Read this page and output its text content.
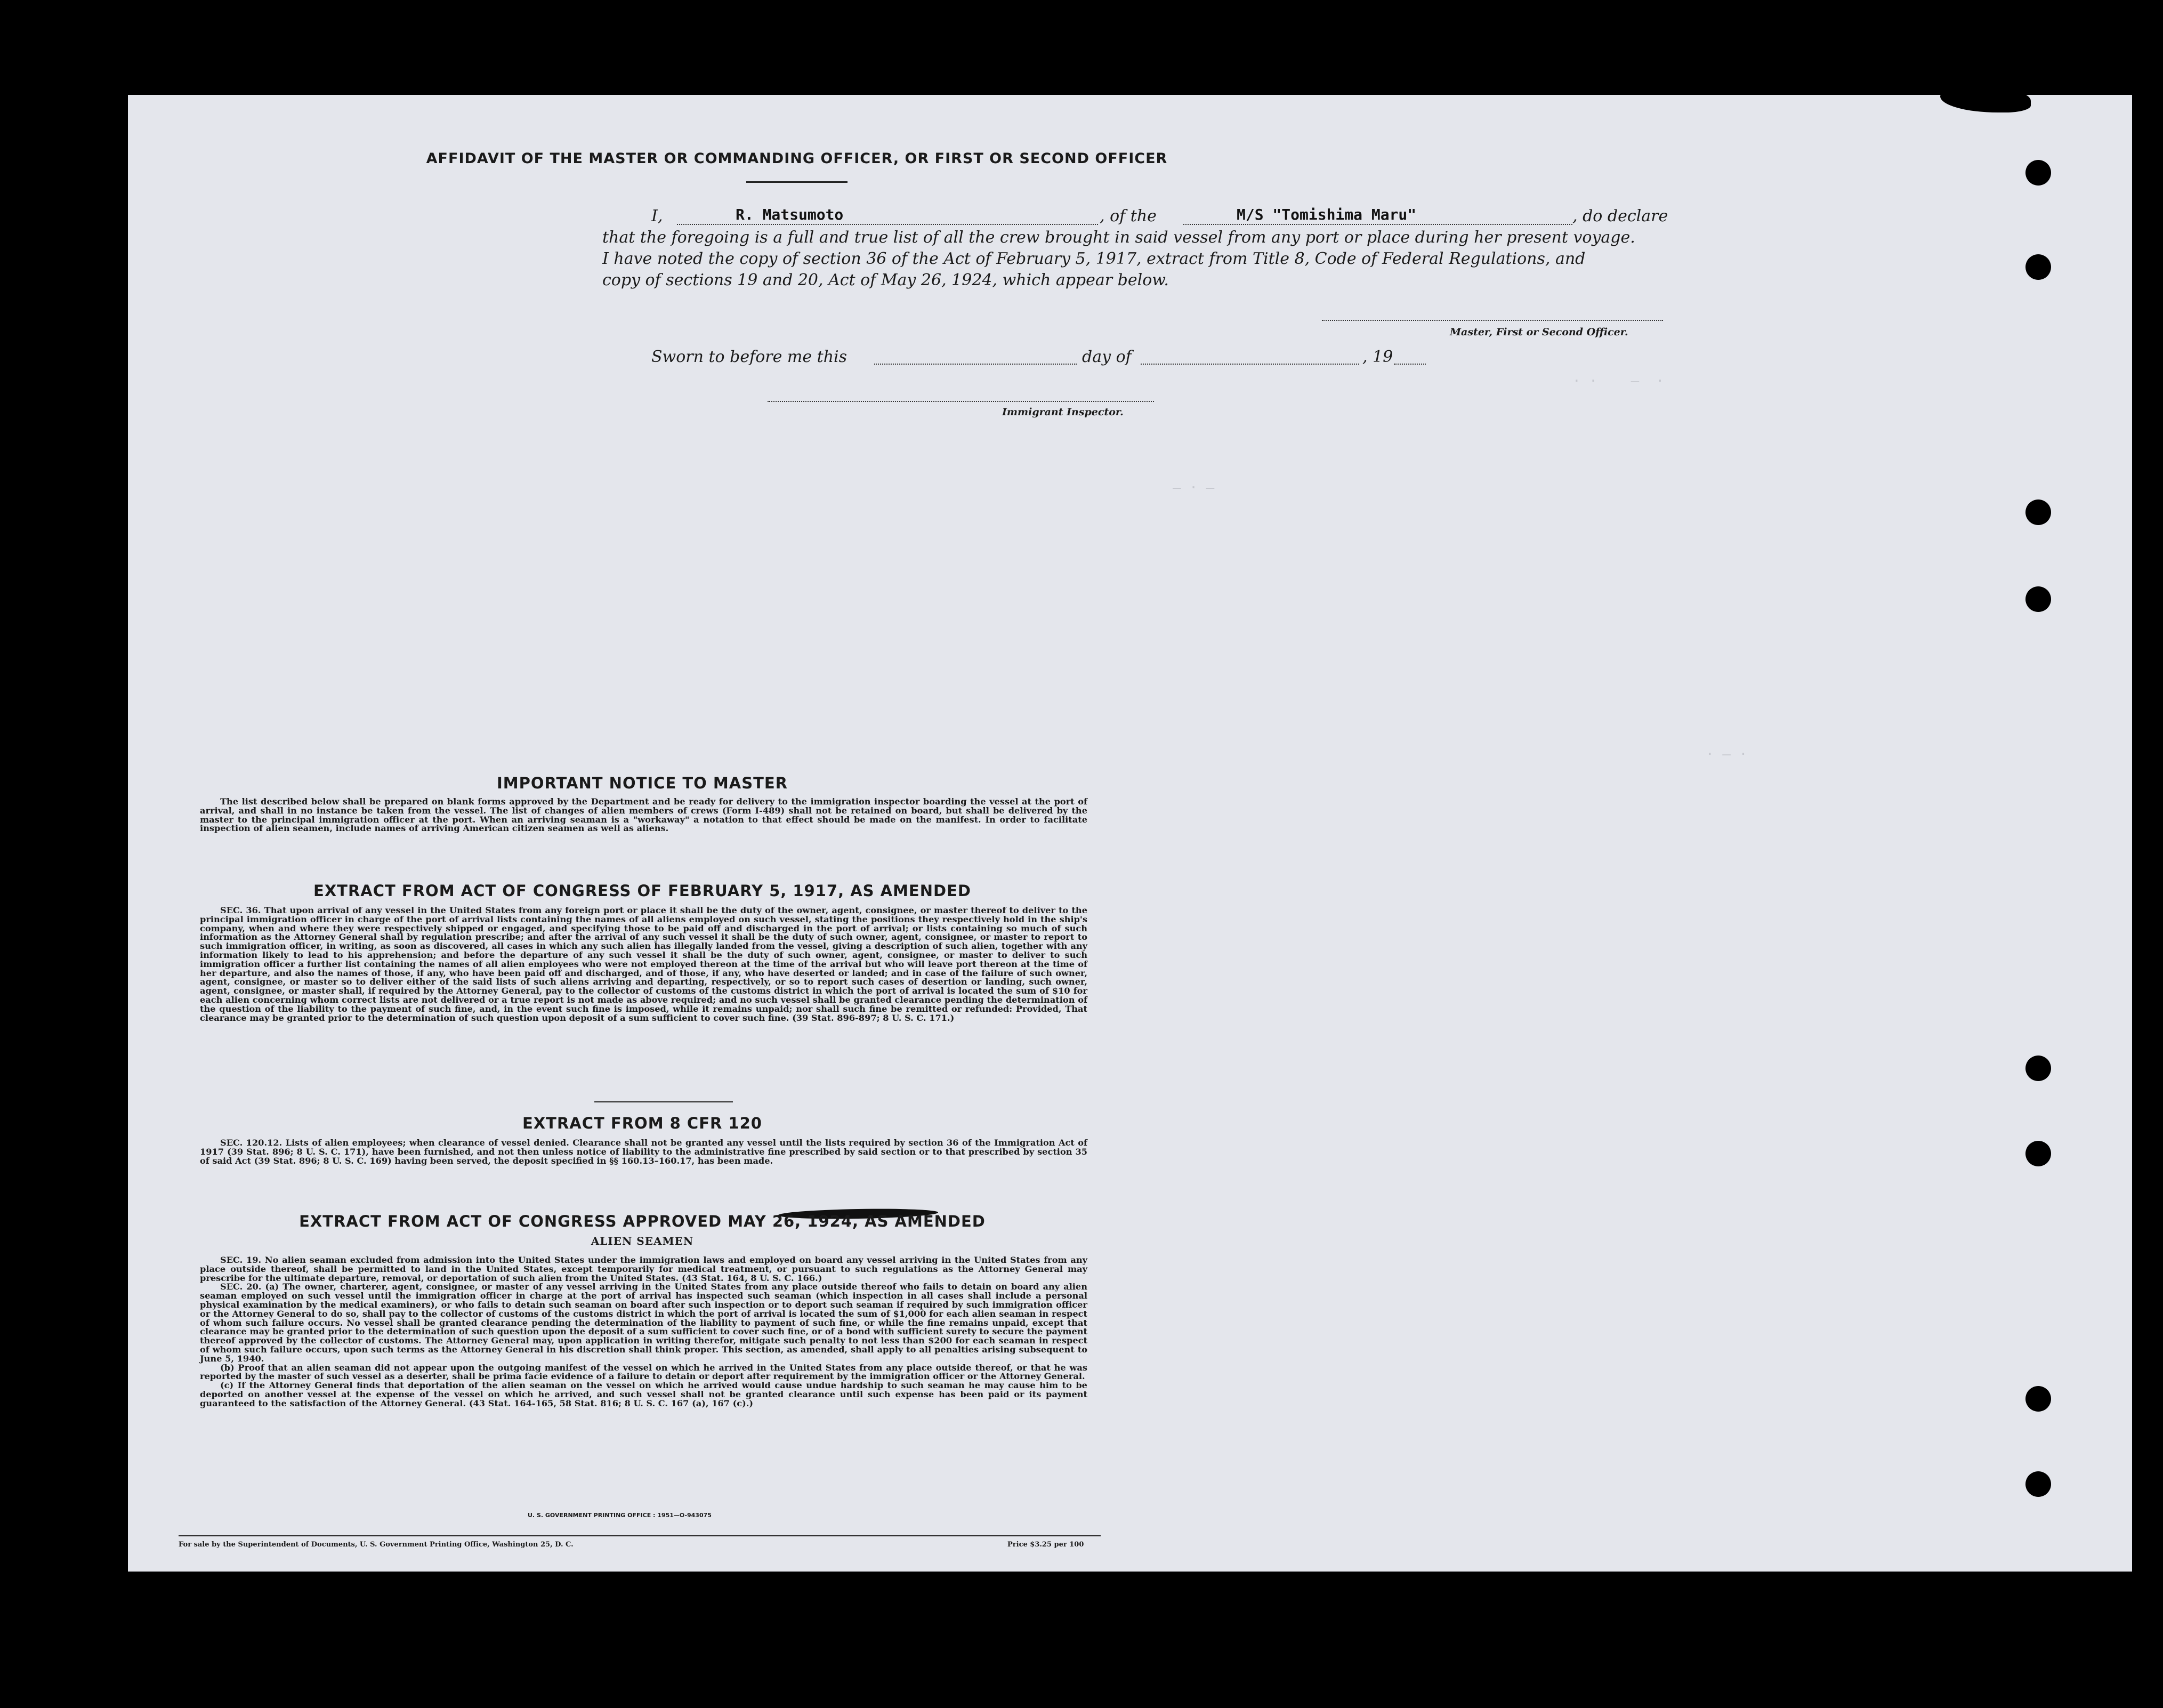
· ·    —  ·
— · —
· — ·
AFFIDAVIT OF THE MASTER OR COMMANDING OFFICER, OR FIRST OR SECOND OFFICER
I,	R. Matsumoto	, of the	M/S "Tomishima Maru"	, do declare
that the foregoing is a full and true list of all the crew brought in said vessel from any port or place during her present voyage.
I have noted the copy of section 36 of the Act of February 5, 1917, extract from Title 8, Code of Federal Regulations, and
copy of sections 19 and 20, Act of May 26, 1924, which appear below.
Master, First or Second Officer.
Sworn to before me this	day of	, 19
Immigrant Inspector.
IMPORTANT NOTICE TO MASTER

The list described below shall be prepared on blank forms approved by the Department and be ready for delivery to the immigration inspector boarding the vessel at the port of arrival, and shall in no instance be taken from the vessel. The list of changes of alien members of crews (Form I-489) shall not be retained on board, but shall be delivered by the master to the principal immigration officer at the port. When an arriving seaman is a "workaway" a notation to that effect should be made on the manifest. In order to facilitate inspection of alien seamen, include names of arriving American citizen seamen as well as aliens.

EXTRACT FROM ACT OF CONGRESS OF FEBRUARY 5, 1917, AS AMENDED

SEC. 36. That upon arrival of any vessel in the United States from any foreign port or place it shall be the duty of the owner, agent, consignee, or master thereof to deliver to the principal immigration officer in charge of the port of arrival lists containing the names of all aliens employed on such vessel, stating the positions they respectively hold in the ship's company, when and where they were respectively shipped or engaged, and specifying those to be paid off and discharged in the port of arrival; or lists containing so much of such information as the Attorney General shall by regulation prescribe; and after the arrival of any such vessel it shall be the duty of such owner, agent, consignee, or master to report to such immigration officer, in writing, as soon as discovered, all cases in which any such alien has illegally landed from the vessel, giving a description of such alien, together with any information likely to lead to his apprehension; and before the departure of any such vessel it shall be the duty of such owner, agent, consignee, or master to deliver to such immigration officer a further list containing the names of all alien employees who were not employed thereon at the time of the arrival but who will leave port thereon at the time of her departure, and also the names of those, if any, who have been paid off and discharged, and of those, if any, who have deserted or landed; and in case of the failure of such owner, agent, consignee, or master so to deliver either of the said lists of such aliens arriving and departing, respectively, or so to report such cases of desertion or landing, such owner, agent, consignee, or master shall, if required by the Attorney General, pay to the collector of customs of the customs district in which the port of arrival is located the sum of $10 for each alien concerning whom correct lists are not delivered or a true report is not made as above required; and no such vessel shall be granted clearance pending the determination of the question of the liability to the payment of such fine, and, in the event such fine is imposed, while it remains unpaid; nor shall such fine be remitted or refunded: Provided, That clearance may be granted prior to the determination of such question upon deposit of a sum sufficient to cover such fine. (39 Stat. 896-897; 8 U. S. C. 171.)

EXTRACT FROM 8 CFR 120

SEC. 120.12. Lists of alien employees; when clearance of vessel denied. Clearance shall not be granted any vessel until the lists required by section 36 of the Immigration Act of 1917 (39 Stat. 896; 8 U. S. C. 171), have been furnished, and not then unless notice of liability to the administrative fine prescribed by said section or to that prescribed by section 35 of said Act (39 Stat. 896; 8 U. S. C. 169) having been served, the deposit specified in §§ 160.13–160.17, has been made.

EXTRACT FROM ACT OF CONGRESS APPROVED MAY 26, 1924, AS AMENDED
ALIEN SEAMEN

SEC. 19. No alien seaman excluded from admission into the United States under the immigration laws and employed on board any vessel arriving in the United States from any place outside thereof, shall be permitted to land in the United States, except temporarily for medical treatment, or pursuant to such regulations as the Attorney General may prescribe for the ultimate departure, removal, or deportation of such alien from the United States. (43 Stat. 164, 8 U. S. C. 166.)

SEC. 20. (a) The owner, charterer, agent, consignee, or master of any vessel arriving in the United States from any place outside thereof who fails to detain on board any alien seaman employed on such vessel until the immigration officer in charge at the port of arrival has inspected such seaman (which inspection in all cases shall include a personal physical examination by the medical examiners), or who fails to detain such seaman on board after such inspection or to deport such seaman if required by such immigration officer or the Attorney General to do so, shall pay to the collector of customs of the customs district in which the port of arrival is located the sum of $1,000 for each alien seaman in respect of whom such failure occurs. No vessel shall be granted clearance pending the determination of the liability to payment of such fine, or while the fine remains unpaid, except that clearance may be granted prior to the determination of such question upon the deposit of a sum sufficient to cover such fine, or of a bond with sufficient surety to secure the payment thereof approved by the collector of customs. The Attorney General may, upon application in writing therefor, mitigate such penalty to not less than $200 for each seaman in respect of whom such failure occurs, upon such terms as the Attorney General in his discretion shall think proper. This section, as amended, shall apply to all penalties arising subsequent to June 5, 1940.

(b) Proof that an alien seaman did not appear upon the outgoing manifest of the vessel on which he arrived in the United States from any place outside thereof, or that he was reported by the master of such vessel as a deserter, shall be prima facie evidence of a failure to detain or deport after requirement by the immigration officer or the Attorney General.

(c) If the Attorney General finds that deportation of the alien seaman on the vessel on which he arrived would cause undue hardship to such seaman he may cause him to be deported on another vessel at the expense of the vessel on which he arrived, and such vessel shall not be granted clearance until such expense has been paid or its payment guaranteed to the satisfaction of the Attorney General. (43 Stat. 164-165, 58 Stat. 816; 8 U. S. C. 167 (a), 167 (c).)

U. S. GOVERNMENT PRINTING OFFICE : 1951—O-943075
For sale by the Superintendent of Documents, U. S. Government Printing Office, Washington 25, D. C.	Price $3.25 per 100
